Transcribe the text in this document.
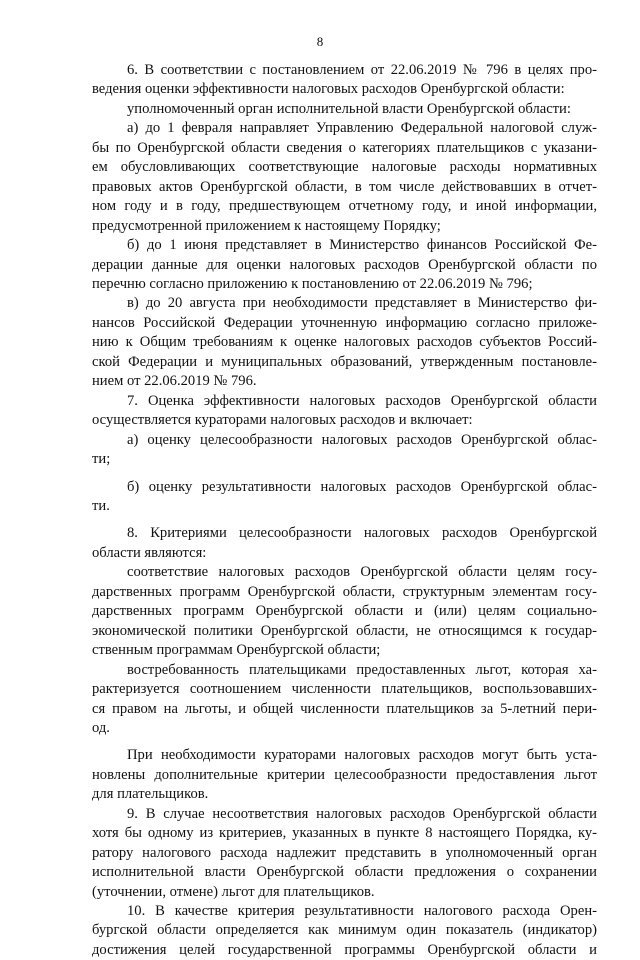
8
6. В соответствии с постановлением от 22.06.2019 № 796 в целях про-
ведения оценки эффективности налоговых расходов Оренбургской области:
уполномоченный орган исполнительной власти Оренбургской области:
а) до 1 февраля направляет Управлению Федеральной налоговой служ-
бы по Оренбургской области сведения о категориях плательщиков с указани-
ем обусловливающих соответствующие налоговые расходы нормативных
правовых актов Оренбургской области, в том числе действовавших в отчет-
ном году и в году, предшествующем отчетному году, и иной информации,
предусмотренной приложением к настоящему Порядку;
б) до 1 июня представляет в Министерство финансов Российской Фе-
дерации данные для оценки налоговых расходов Оренбургской области по
перечню согласно приложению к постановлению от 22.06.2019 № 796;
в) до 20 августа при необходимости представляет в Министерство фи-
нансов Российской Федерации уточненную информацию согласно приложе-
нию к Общим требованиям к оценке налоговых расходов субъектов Россий-
ской Федерации и муниципальных образований, утвержденным постановле-
нием от 22.06.2019 № 796.
7. Оценка эффективности налоговых расходов Оренбургской области
осуществляется кураторами налоговых расходов и включает:
а) оценку целесообразности налоговых расходов Оренбургской облас-
ти;
б) оценку результативности налоговых расходов Оренбургской облас-
ти.
8. Критериями целесообразности налоговых расходов Оренбургской
области являются:
соответствие налоговых расходов Оренбургской области целям госу-
дарственных программ Оренбургской области, структурным элементам госу-
дарственных программ Оренбургской области и (или) целям социально-
экономической политики Оренбургской области, не относящимся к государ-
ственным программам Оренбургской области;
востребованность плательщиками предоставленных льгот, которая ха-
рактеризуется соотношением численности плательщиков, воспользовавших-
ся правом на льготы, и общей численности плательщиков за 5-летний пери-
од.
При необходимости кураторами налоговых расходов могут быть уста-
новлены дополнительные критерии целесообразности предоставления льгот
для плательщиков.
9. В случае несоответствия налоговых расходов Оренбургской области
хотя бы одному из критериев, указанных в пункте 8 настоящего Порядка, ку-
ратору налогового расхода надлежит представить в уполномоченный орган
исполнительной власти Оренбургской области предложения о сохранении
(уточнении, отмене) льгот для плательщиков.
10. В качестве критерия результативности налогового расхода Орен-
бургской области определяется как минимум один показатель (индикатор)
достижения целей государственной программы Оренбургской области и
